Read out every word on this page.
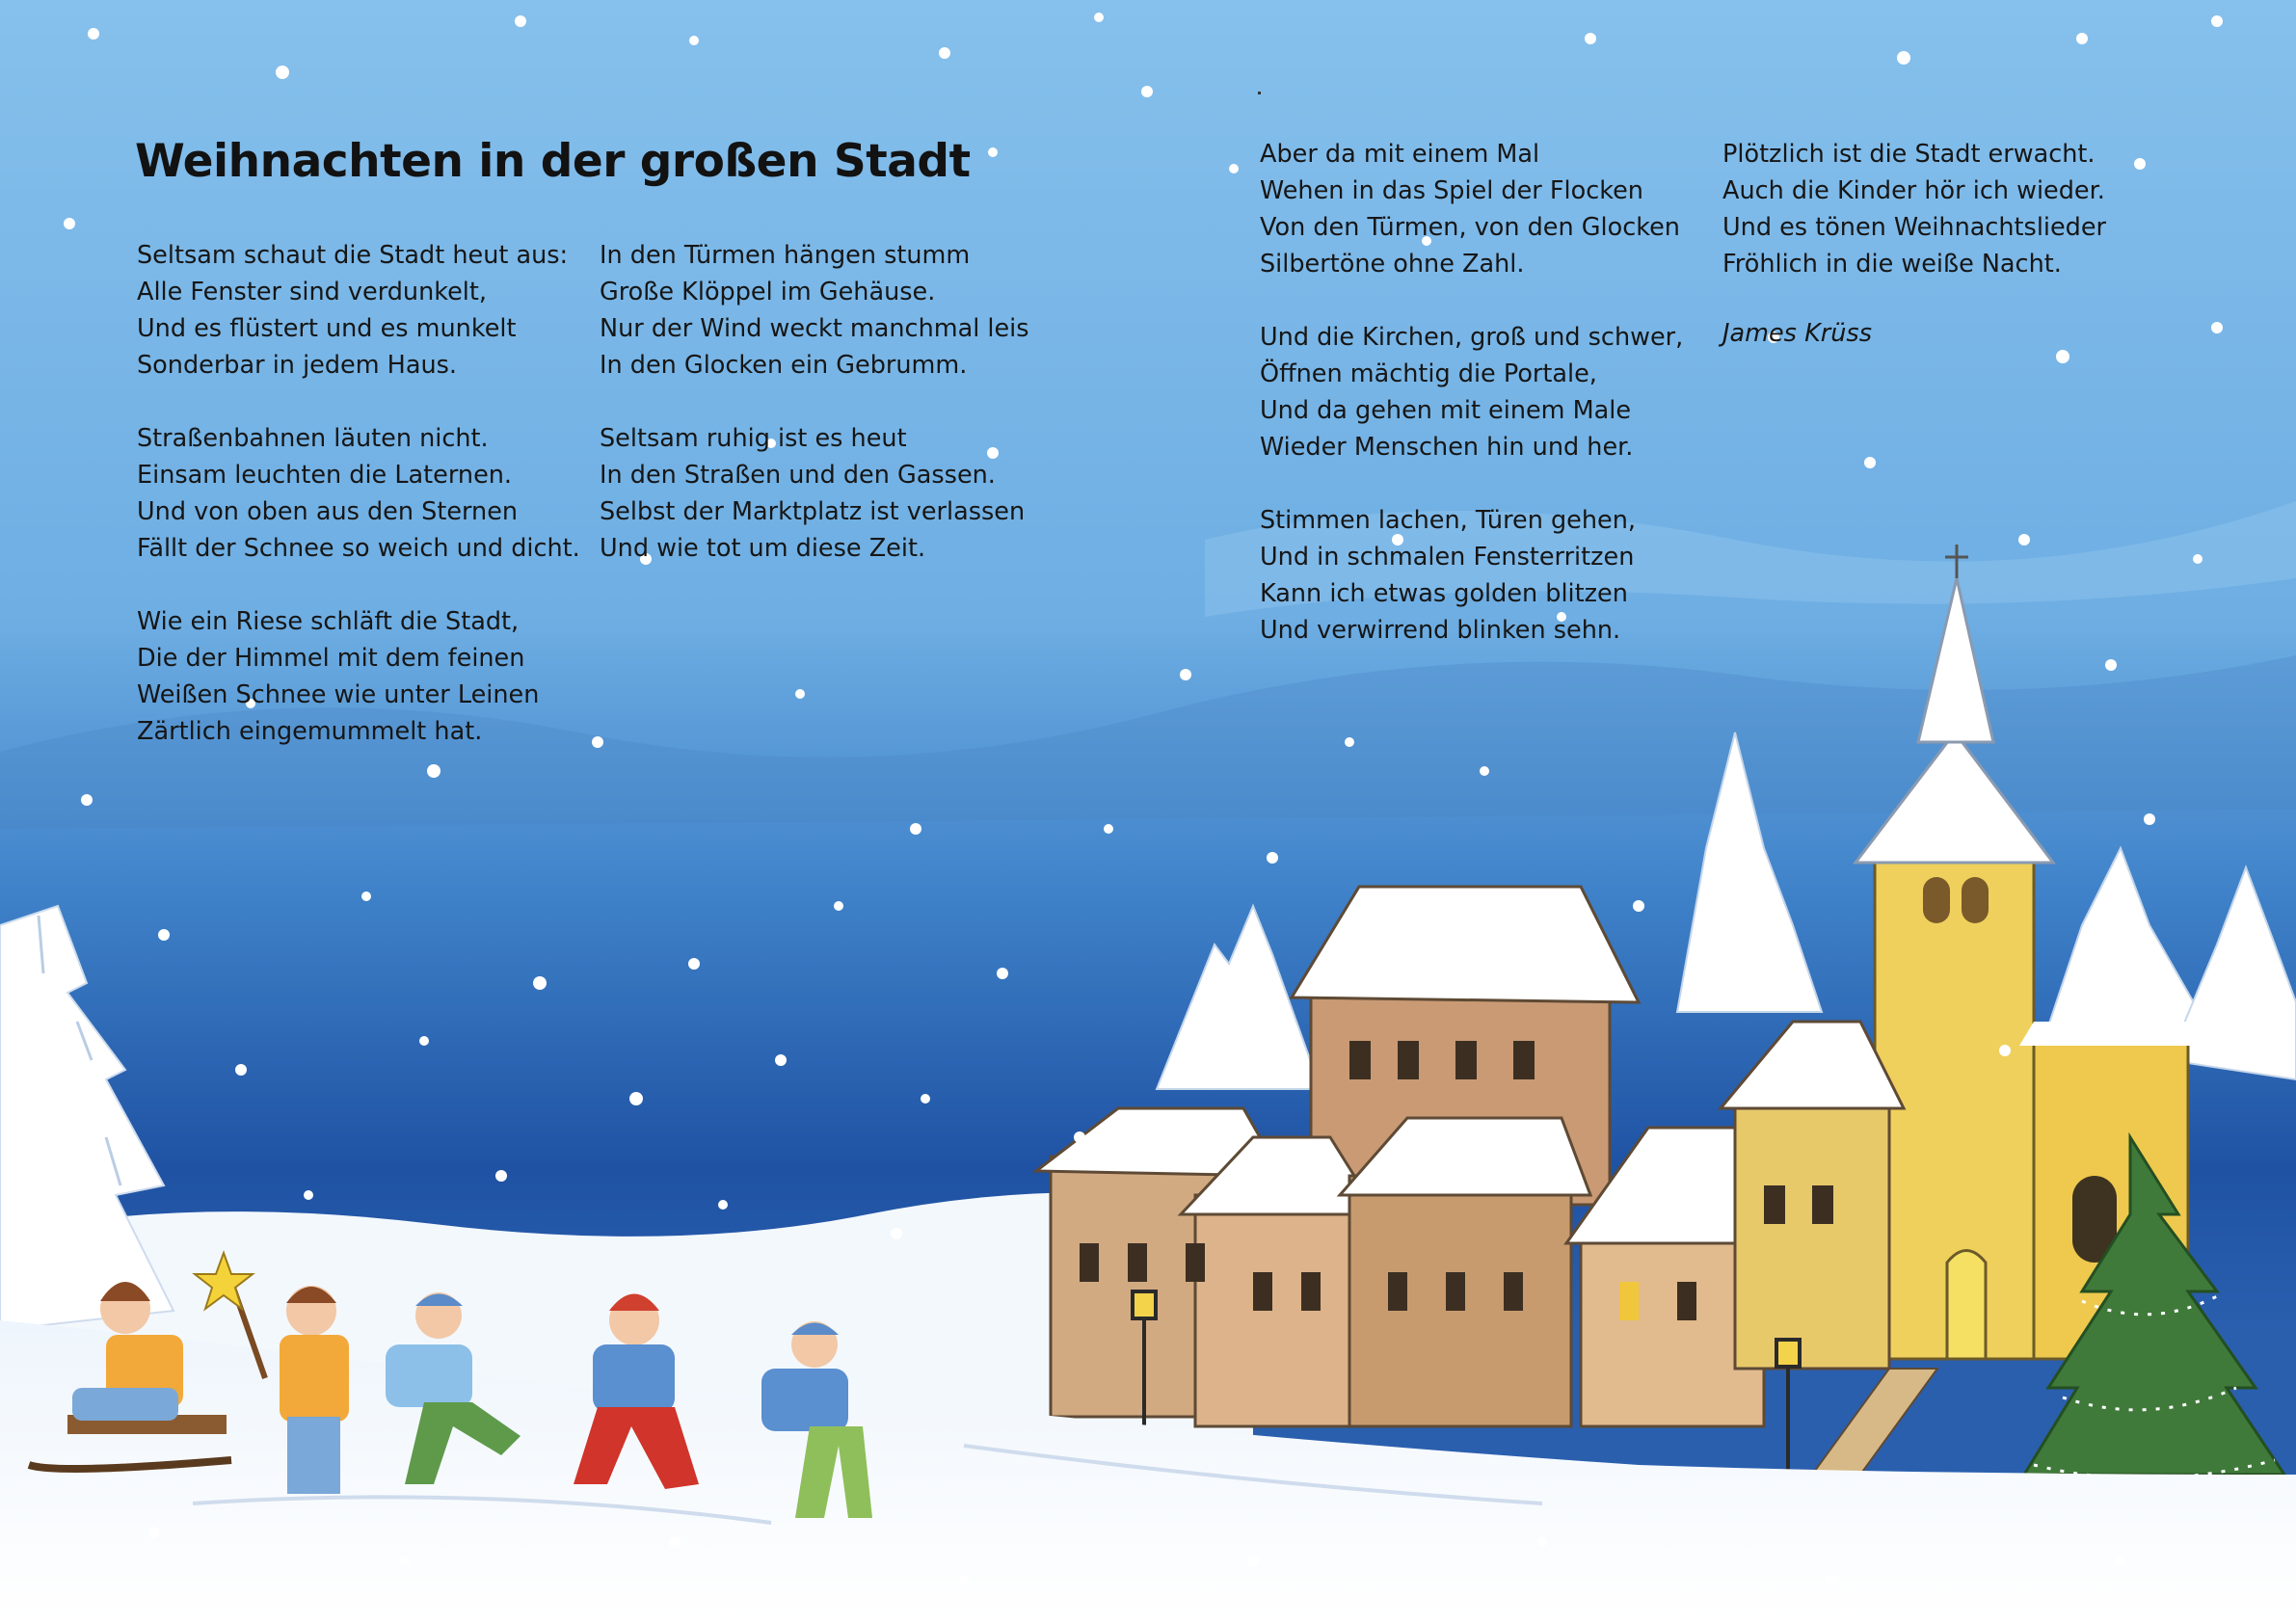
Weihnachten in der großen Stadt
Seltsam schaut die Stadt heut aus:
Alle Fenster sind verdunkelt,
Und es flüstert und es munkelt
Sonderbar in jedem Haus.
Straßenbahnen läuten nicht.
Einsam leuchten die Laternen.
Und von oben aus den Sternen
Fällt der Schnee so weich und dicht.
Wie ein Riese schläft die Stadt,
Die der Himmel mit dem feinen
Weißen Schnee wie unter Leinen
Zärtlich eingemummelt hat.
In den Türmen hängen stumm
Große Klöppel im Gehäuse.
Nur der Wind weckt manchmal leis
In den Glocken ein Gebrumm.
Seltsam ruhig ist es heut
In den Straßen und den Gassen.
Selbst der Marktplatz ist verlassen
Und wie tot um diese Zeit.
Aber da mit einem Mal
Wehen in das Spiel der Flocken
Von den Türmen, von den Glocken
Silbertöne ohne Zahl.
Und die Kirchen, groß und schwer,
Öffnen mächtig die Portale,
Und da gehen mit einem Male
Wieder Menschen hin und her.
Stimmen lachen, Türen gehen,
Und in schmalen Fensterritzen
Kann ich etwas golden blitzen
Und verwirrend blinken sehn.
Plötzlich ist die Stadt erwacht.
Auch die Kinder hör ich wieder.
Und es tönen Weihnachtslieder
Fröhlich in die weiße Nacht.
James Krüss
